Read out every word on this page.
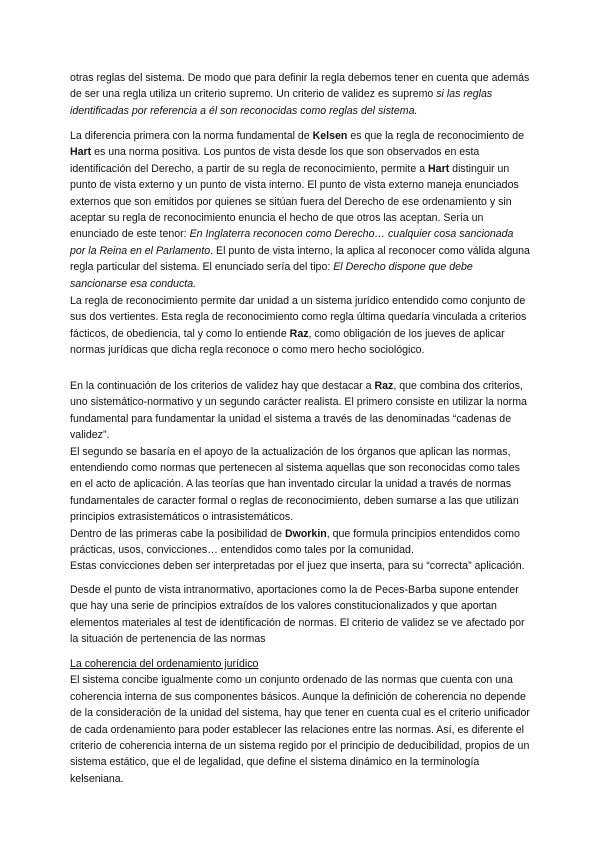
otras reglas del sistema. De modo que para definir la regla debemos tener en cuenta que además de ser una regla utiliza un criterio supremo. Un criterio de validez es supremo si las reglas identificadas por referencia a él son reconocidas como reglas del sistema.

La diferencia primera con la norma fundamental de Kelsen es que la regla de reconocimiento de Hart es una norma positiva. Los puntos de vista desde los que son observados en esta identificación del Derecho, a partir de su regla de reconocimiento, permite a Hart distinguir un punto de vista externo y un punto de vista interno. El punto de vista externo maneja enunciados externos que son emitidos por quienes se sitúan fuera del Derecho de ese ordenamiento y sin aceptar su regla de reconocimiento enuncia el hecho de que otros las aceptan. Sería un enunciado de este tenor: En Inglaterra reconocen como Derecho… cualquier cosa sancionada por la Reina en el Parlamento. El punto de vista interno, la aplica al reconocer como válida alguna regla particular del sistema. El enunciado sería del tipo: El Derecho dispone que debe sancionarse esa conducta.

La regla de reconocimiento permite dar unidad a un sistema jurídico entendido como conjunto de sus dos vertientes. Esta regla de reconocimiento como regla última quedaría vinculada a criterios fácticos, de obediencia, tal y como lo entiende Raz, como obligación de los jueves de aplicar normas jurídicas que dicha regla reconoce o como mero hecho sociológico.

En la continuación de los criterios de validez hay que destacar a Raz, que combina dos criterios, uno sistemático-normativo y un segundo carácter realista. El primero consiste en utilizar la norma fundamental para fundamentar la unidad el sistema a través de las denominadas “cadenas de validez”.

El segundo se basaría en el apoyo de la actualización de los órganos que aplican las normas, entendiendo como normas que pertenecen al sistema aquellas que son reconocidas como tales en el acto de aplicación. A las teorías que han inventado circular la unidad a través de normas fundamentales de caracter formal o reglas de reconocimiento, deben sumarse a las que utilizan principios extrasistemáticos o intrasistemáticos.

Dentro de las primeras cabe la posibilidad de Dworkin, que formula principios entendidos como prácticas, usos, convicciones… entendidos como tales por la comunidad.

Estas convicciones deben ser interpretadas por el juez que inserta, para su “correcta” aplicación.

Desde el punto de vista intranormativo, aportaciones como la de Peces-Barba supone entender que hay una serie de principios extraídos de los valores constitucionalizados y que aportan elementos materiales al test de identificación de normas. El criterio de validez se ve afectado por la situación de pertenencia de las normas

La coherencia del ordenamiento jurídico

El sistema concibe igualmente como un conjunto ordenado de las normas que cuenta con una coherencia interna de sus componentes básicos. Aunque la definición de coherencia no depende de la consideración de la unidad del sistema, hay que tener en cuenta cual es el criterio unificador de cada ordenamiento para poder establecer las relaciones entre las normas. Así, es diferente el criterio de coherencia interna de un sistema regido por el principio de deducibilidad, propios de un sistema estático, que el de legalidad, que define el sistema dinámico en la terminología kelseniana.
